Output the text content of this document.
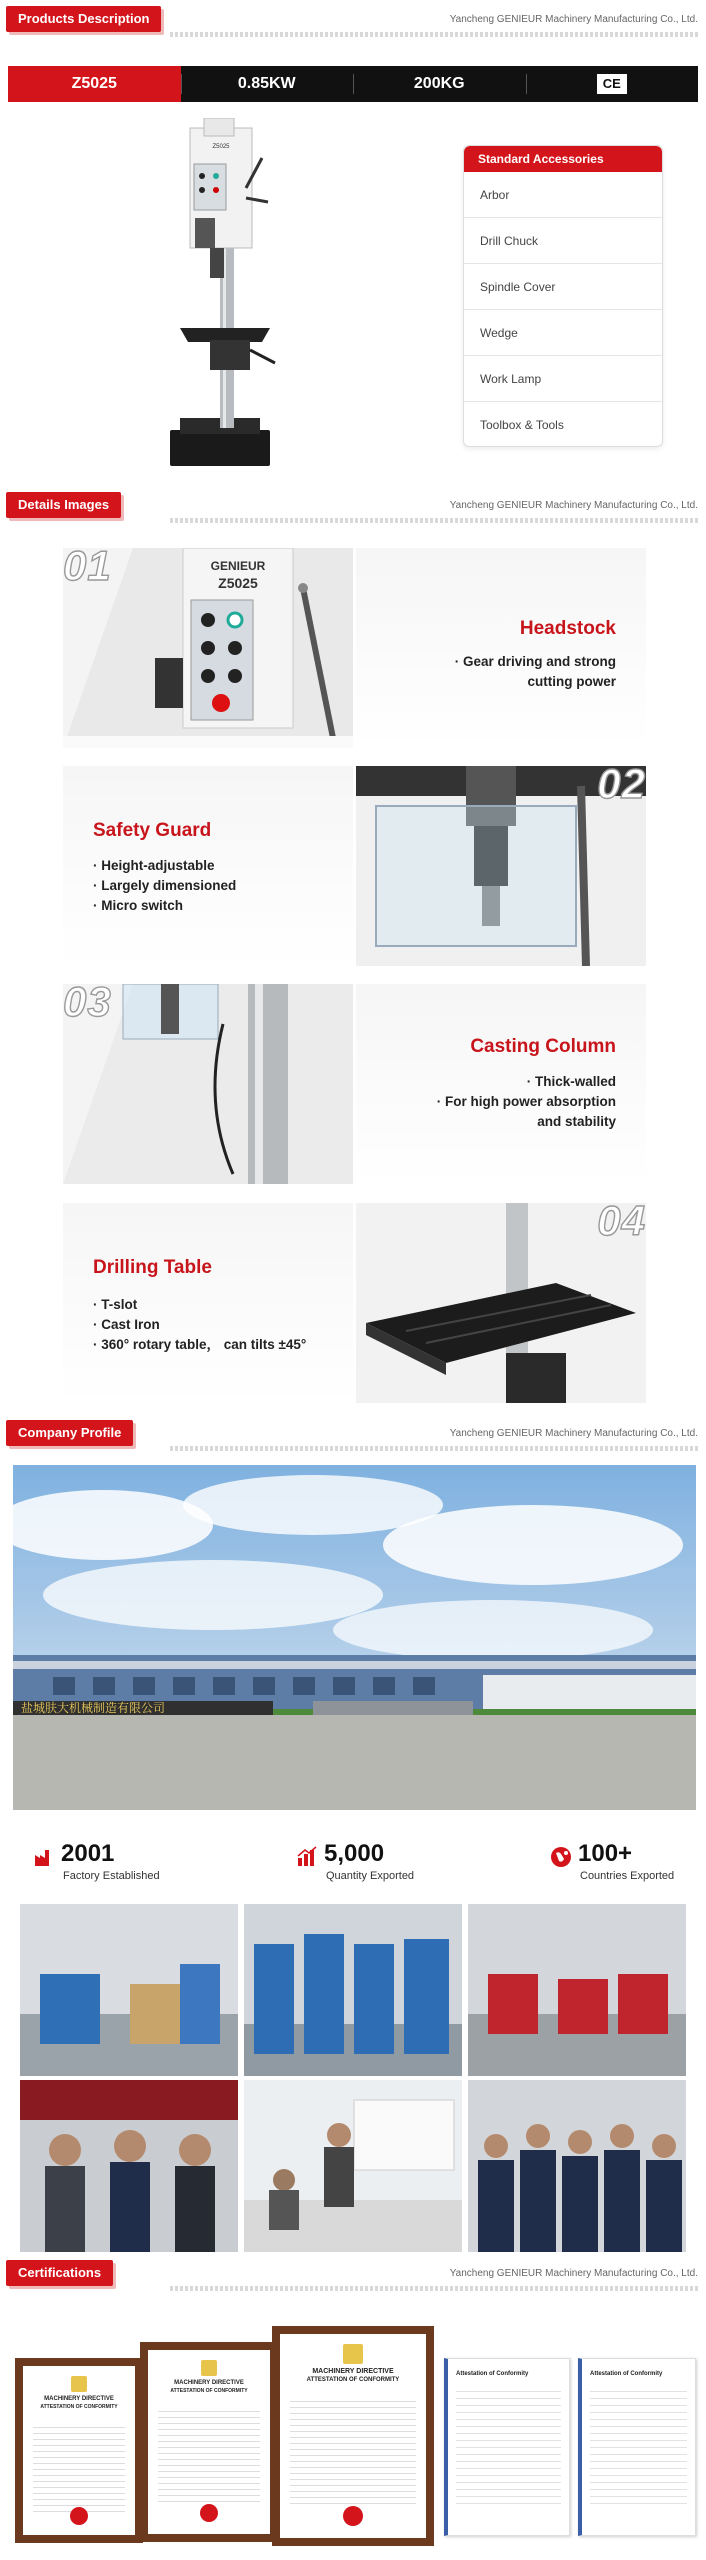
Products Description	Yancheng GENIEUR Machinery Manufacturing Co., Ltd.
Z5025	0.85KW	200KG	CE
Z5025
Standard Accessories
Arbor
Drill Chuck
Spindle Cover
Wedge
Work Lamp
Toolbox & Tools
Details Images	Yancheng GENIEUR Machinery Manufacturing Co., Ltd.
GENIEUR
Z5025
01
Headstock
· Gear driving and strong
cutting power
Safety Guard
· Height-adjustable
· Largely dimensioned
· Micro switch
02
03
Casting Column
· Thick-walled
· For high power absorption
and stability
Drilling Table
· T-slot
· Cast Iron
· 360° rotary table， can tilts ±45°
04
Company Profile	Yancheng GENIEUR Machinery Manufacturing Co., Ltd.
盐城肤大机械制造有限公司
2001
Factory Established
5,000
Quantity Exported
100+
Countries Exported
Certifications	Yancheng GENIEUR Machinery Manufacturing Co., Ltd.
MACHINERY DIRECTIVE
ATTESTATION OF CONFORMITY
MACHINERY DIRECTIVE
ATTESTATION OF CONFORMITY
MACHINERY DIRECTIVE
ATTESTATION OF CONFORMITY
Attestation of Conformity	Attestation of Conformity
